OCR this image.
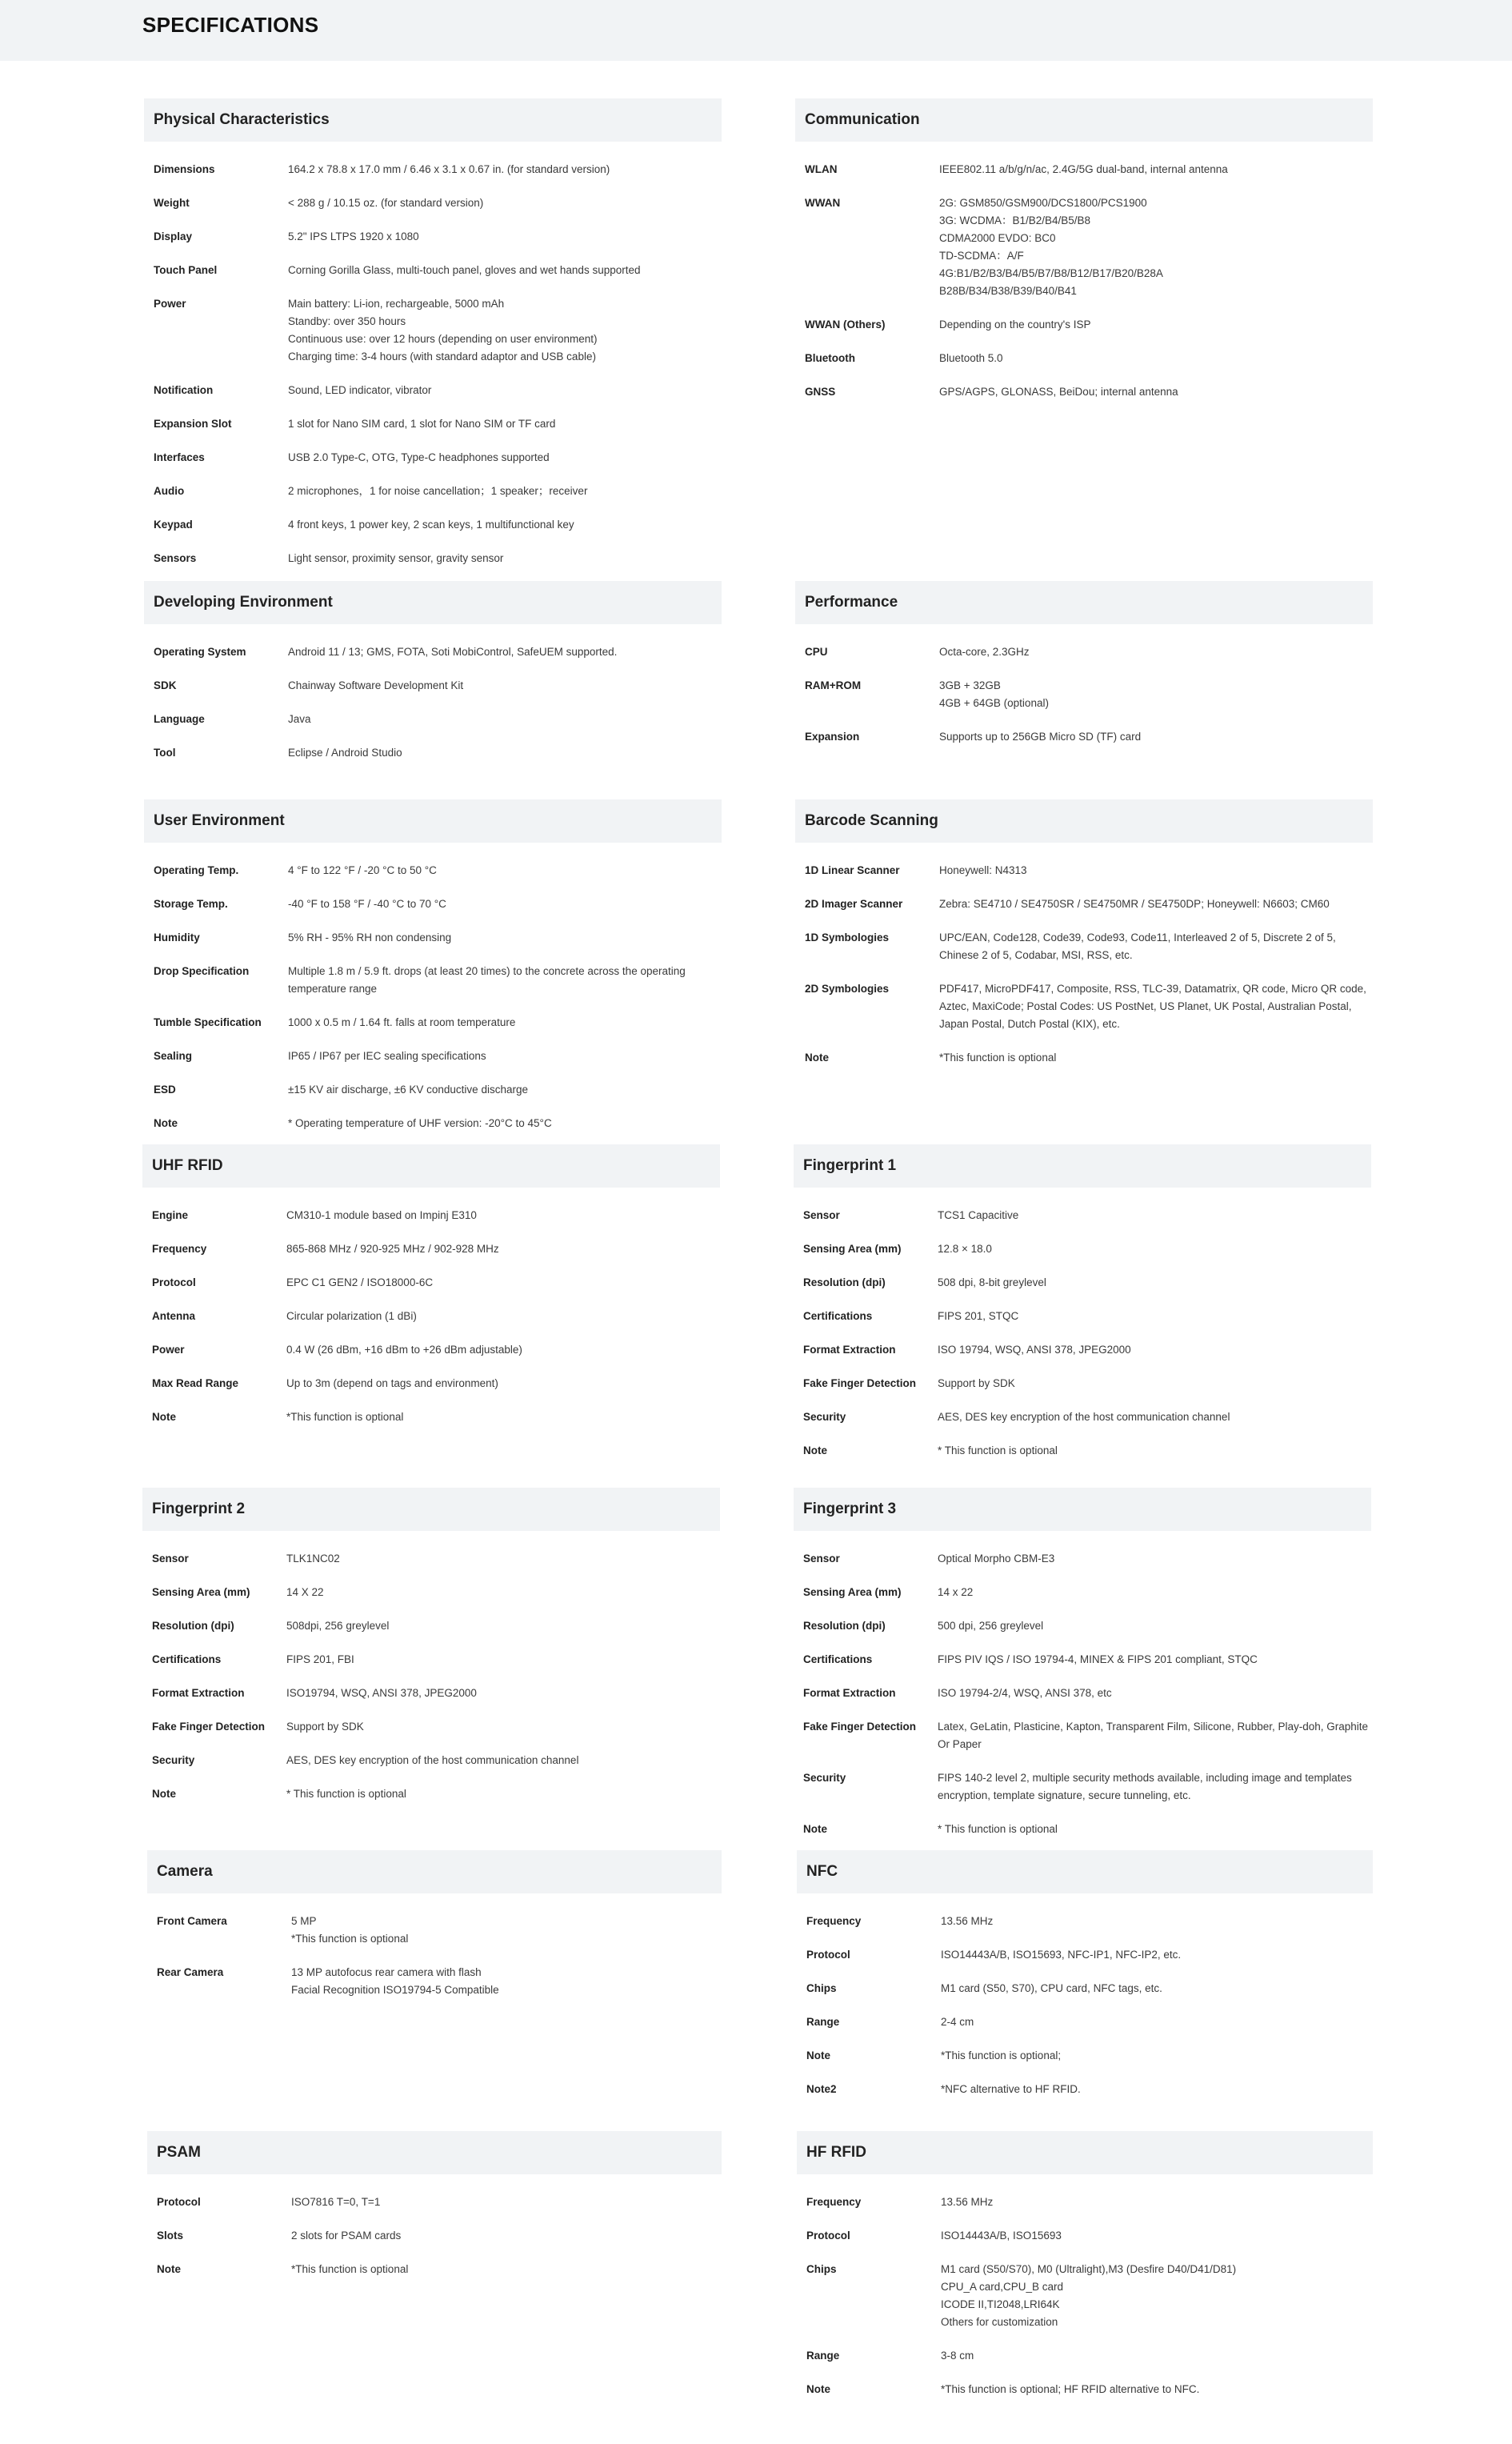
SPECIFICATIONS
Physical Characteristics
Dimensions	164.2 x 78.8 x 17.0 mm / 6.46 x 3.1 x 0.67 in. (for standard version)
Weight	< 288 g / 10.15 oz. (for standard version)
Display	5.2" IPS LTPS 1920 x 1080
Touch Panel	Corning Gorilla Glass, multi-touch panel, gloves and wet hands supported
Power	Main battery: Li-ion, rechargeable, 5000 mAh
Standby: over 350 hours
Continuous use: over 12 hours (depending on user environment)
Charging time: 3-4 hours (with standard adaptor and USB cable)
Notification	Sound, LED indicator, vibrator
Expansion Slot	1 slot for Nano SIM card, 1 slot for Nano SIM or TF card
Interfaces	USB 2.0 Type-C, OTG, Type-C headphones supported
Audio	2 microphones，1 for noise cancellation；1 speaker；receiver
Keypad	4 front keys, 1 power key, 2 scan keys, 1 multifunctional key
Sensors	Light sensor, proximity sensor, gravity sensor
Communication
WLAN	IEEE802.11 a/b/g/n/ac, 2.4G/5G dual-band, internal antenna
WWAN	2G: GSM850/GSM900/DCS1800/PCS1900
3G: WCDMA：B1/B2/B4/B5/B8
CDMA2000 EVDO: BC0
TD-SCDMA：A/F
4G:B1/B2/B3/B4/B5/B7/B8/B12/B17/B20/B28A
B28B/B34/B38/B39/B40/B41
WWAN (Others)	Depending on the country's ISP
Bluetooth	Bluetooth 5.0
GNSS	GPS/AGPS, GLONASS, BeiDou; internal antenna
Developing Environment
Operating System	Android 11 / 13; GMS, FOTA, Soti MobiControl, SafeUEM supported.
SDK	Chainway Software Development Kit
Language	Java
Tool	Eclipse / Android Studio
Performance
CPU	Octa-core, 2.3GHz
RAM+ROM	3GB + 32GB
4GB + 64GB (optional)
Expansion	Supports up to 256GB Micro SD (TF) card
User Environment
Operating Temp.	4 °F to 122 °F / -20 °C to 50 °C
Storage Temp.	-40 °F to 158 °F / -40 °C to 70 °C
Humidity	5% RH - 95% RH non condensing
Drop Specification	Multiple 1.8 m / 5.9 ft. drops (at least 20 times) to the concrete across the operating temperature range
Tumble Specification	1000 x 0.5 m / 1.64 ft. falls at room temperature
Sealing	IP65 / IP67 per IEC sealing specifications
ESD	±15 KV air discharge, ±6 KV conductive discharge
Note	* Operating temperature of UHF version: -20°C to 45°C
Barcode Scanning
1D Linear Scanner	Honeywell: N4313
2D Imager Scanner	Zebra: SE4710 / SE4750SR / SE4750MR / SE4750DP; Honeywell: N6603; CM60
1D Symbologies	UPC/EAN, Code128, Code39, Code93, Code11, Interleaved 2 of 5, Discrete 2 of 5, Chinese 2 of 5, Codabar, MSI, RSS, etc.
2D Symbologies	PDF417, MicroPDF417, Composite, RSS, TLC-39, Datamatrix, QR code, Micro QR code, Aztec, MaxiCode; Postal Codes: US PostNet, US Planet, UK Postal, Australian Postal, Japan Postal, Dutch Postal (KIX), etc.
Note	*This function is optional
UHF RFID
Engine	CM310-1 module based on Impinj E310
Frequency	865-868 MHz / 920-925 MHz / 902-928 MHz
Protocol	EPC C1 GEN2 / ISO18000-6C
Antenna	Circular polarization (1 dBi)
Power	0.4 W (26 dBm, +16 dBm to +26 dBm adjustable)
Max Read Range	Up to 3m (depend on tags and environment)
Note	*This function is optional
Fingerprint 1
Sensor	TCS1 Capacitive
Sensing Area (mm)	12.8 × 18.0
Resolution (dpi)	508 dpi, 8-bit greylevel
Certifications	FIPS 201, STQC
Format Extraction	ISO 19794, WSQ, ANSI 378, JPEG2000
Fake Finger Detection	Support by SDK
Security	AES, DES key encryption of the host communication channel
Note	* This function is optional
Fingerprint 2
Sensor	TLK1NC02
Sensing Area (mm)	14 X 22
Resolution (dpi)	508dpi, 256 greylevel
Certifications	FIPS 201, FBI
Format Extraction	ISO19794, WSQ, ANSI 378, JPEG2000
Fake Finger Detection	Support by SDK
Security	AES, DES key encryption of the host communication channel
Note	* This function is optional
Fingerprint 3
Sensor	Optical Morpho CBM-E3
Sensing Area (mm)	14 x 22
Resolution (dpi)	500 dpi, 256 greylevel
Certifications	FIPS PIV IQS / ISO 19794-4, MINEX & FIPS 201 compliant, STQC
Format Extraction	ISO 19794-2/4, WSQ, ANSI 378, etc
Fake Finger Detection	Latex, GeLatin, Plasticine, Kapton, Transparent Film, Silicone, Rubber, Play-doh, Graphite Or Paper
Security	FIPS 140-2 level 2, multiple security methods available, including image and templates encryption, template signature, secure tunneling, etc.
Note	* This function is optional
Camera
Front Camera	5 MP
*This function is optional
Rear Camera	13 MP autofocus rear camera with flash
Facial Recognition ISO19794-5 Compatible
NFC
Frequency	13.56 MHz
Protocol	ISO14443A/B, ISO15693, NFC-IP1, NFC-IP2, etc.
Chips	M1 card (S50, S70), CPU card, NFC tags, etc.
Range	2-4 cm
Note	*This function is optional;
Note2	*NFC alternative to HF RFID.
PSAM
Protocol	ISO7816 T=0, T=1
Slots	2 slots for PSAM cards
Note	*This function is optional
HF RFID
Frequency	13.56 MHz
Protocol	ISO14443A/B, ISO15693
Chips	M1 card (S50/S70), M0 (Ultralight),M3 (Desfire D40/D41/D81)
CPU_A card,CPU_B card
ICODE II,TI2048,LRI64K
Others for customization
Range	3-8 cm
Note	*This function is optional; HF RFID alternative to NFC.
